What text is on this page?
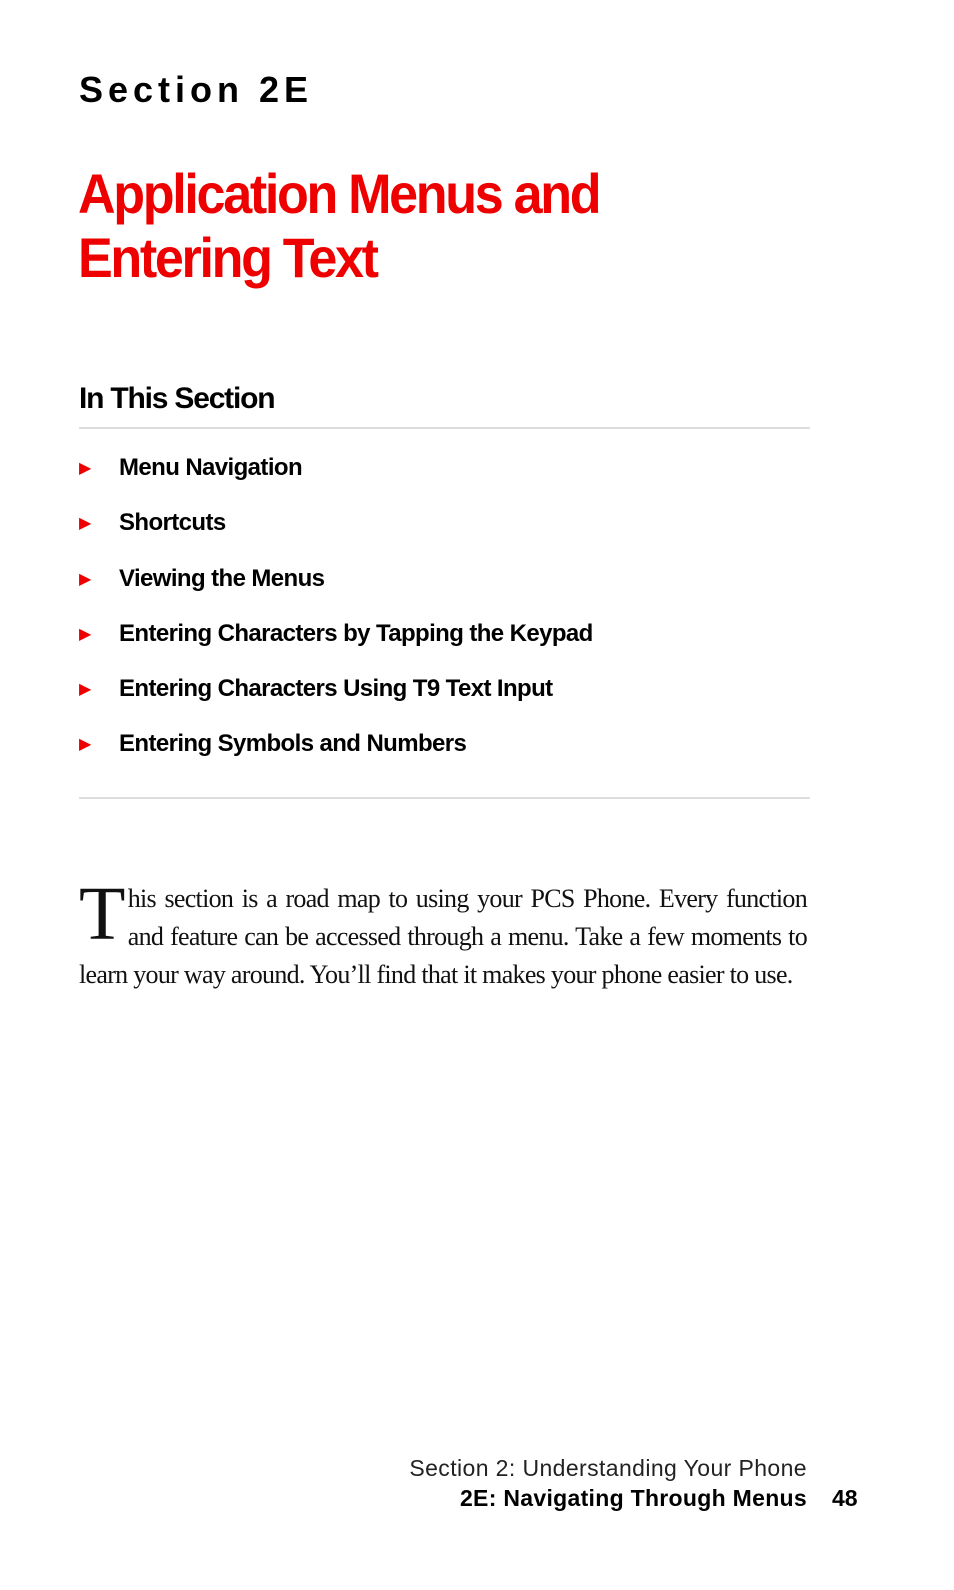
Section 2E
Application Menus and Entering Text
In This Section
▶	Menu Navigation
▶	Shortcuts
▶	Viewing the Menus
▶	Entering Characters by Tapping the Keypad
▶	Entering Characters Using T9 Text Input
▶	Entering Symbols and Numbers

This section is a road map to using your PCS Phone. Every function and feature can be accessed through a menu. Take a few moments to learn your way around. You’ll find that it makes your phone easier to use.

Section 2: Understanding Your Phone
2E: Navigating Through Menus 48
